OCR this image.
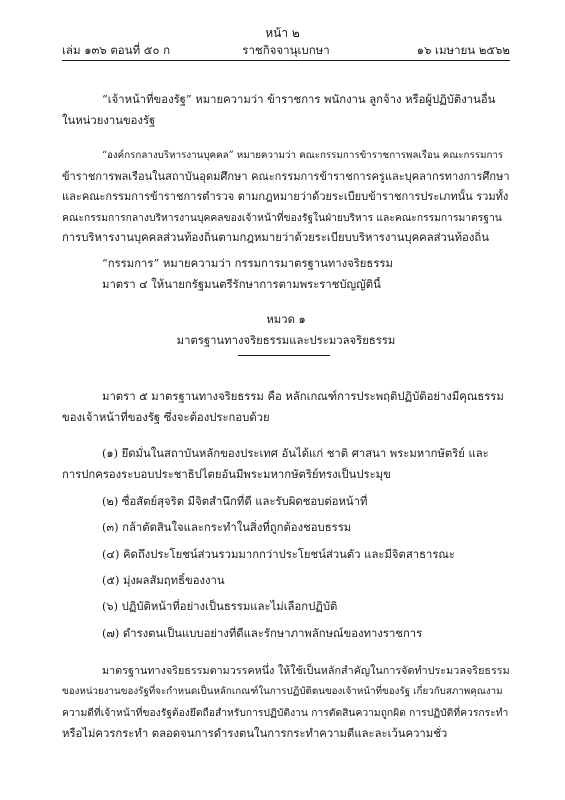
หน้า ๒
เล่ม ๑๓๖ ตอนที่ ๕๐ ก	ราชกิจจานุเบกษา	๑๖ เมษายน ๒๕๖๒
“เจ้าหน้าที่ของรัฐ” หมายความว่า ข้าราชการ พนักงาน ลูกจ้าง หรือผู้ปฏิบัติงานอื่น
ในหน่วยงานของรัฐ
“องค์กรกลางบริหารงานบุคคล” หมายความว่า คณะกรรมการข้าราชการพลเรือน คณะกรรมการ
ข้าราชการพลเรือนในสถาบันอุดมศึกษา คณะกรรมการข้าราชการครูและบุคลากรทางการศึกษา
และคณะกรรมการข้าราชการตำรวจ ตามกฎหมายว่าด้วยระเบียบข้าราชการประเภทนั้น รวมทั้ง
คณะกรรมการกลางบริหารงานบุคคลของเจ้าหน้าที่ของรัฐในฝ่ายบริหาร และคณะกรรมการมาตรฐาน
การบริหารงานบุคคลส่วนท้องถิ่นตามกฎหมายว่าด้วยระเบียบบริหารงานบุคคลส่วนท้องถิ่น
“กรรมการ” หมายความว่า กรรมการมาตรฐานทางจริยธรรม
มาตรา ๔ ให้นายกรัฐมนตรีรักษาการตามพระราชบัญญัตินี้
หมวด ๑
มาตรฐานทางจริยธรรมและประมวลจริยธรรม
มาตรา ๕ มาตรฐานทางจริยธรรม คือ หลักเกณฑ์การประพฤติปฏิบัติอย่างมีคุณธรรม
ของเจ้าหน้าที่ของรัฐ ซึ่งจะต้องประกอบด้วย
(๑) ยึดมั่นในสถาบันหลักของประเทศ อันได้แก่ ชาติ ศาสนา พระมหากษัตริย์ และ
การปกครองระบอบประชาธิปไตยอันมีพระมหากษัตริย์ทรงเป็นประมุข
(๒) ซื่อสัตย์สุจริต มีจิตสำนึกที่ดี และรับผิดชอบต่อหน้าที่
(๓) กล้าตัดสินใจและกระทำในสิ่งที่ถูกต้องชอบธรรม
(๔) คิดถึงประโยชน์ส่วนรวมมากกว่าประโยชน์ส่วนตัว และมีจิตสาธารณะ
(๕) มุ่งผลสัมฤทธิ์ของงาน
(๖) ปฏิบัติหน้าที่อย่างเป็นธรรมและไม่เลือกปฏิบัติ
(๗) ดำรงตนเป็นแบบอย่างที่ดีและรักษาภาพลักษณ์ของทางราชการ
มาตรฐานทางจริยธรรมตามวรรคหนึ่ง ให้ใช้เป็นหลักสำคัญในการจัดทำประมวลจริยธรรม
ของหน่วยงานของรัฐที่จะกำหนดเป็นหลักเกณฑ์ในการปฏิบัติตนของเจ้าหน้าที่ของรัฐ เกี่ยวกับสภาพคุณงาม
ความดีที่เจ้าหน้าที่ของรัฐต้องยึดถือสำหรับการปฏิบัติงาน การตัดสินความถูกผิด การปฏิบัติที่ควรกระทำ
หรือไม่ควรกระทำ ตลอดจนการดำรงตนในการกระทำความดีและละเว้นความชั่ว
